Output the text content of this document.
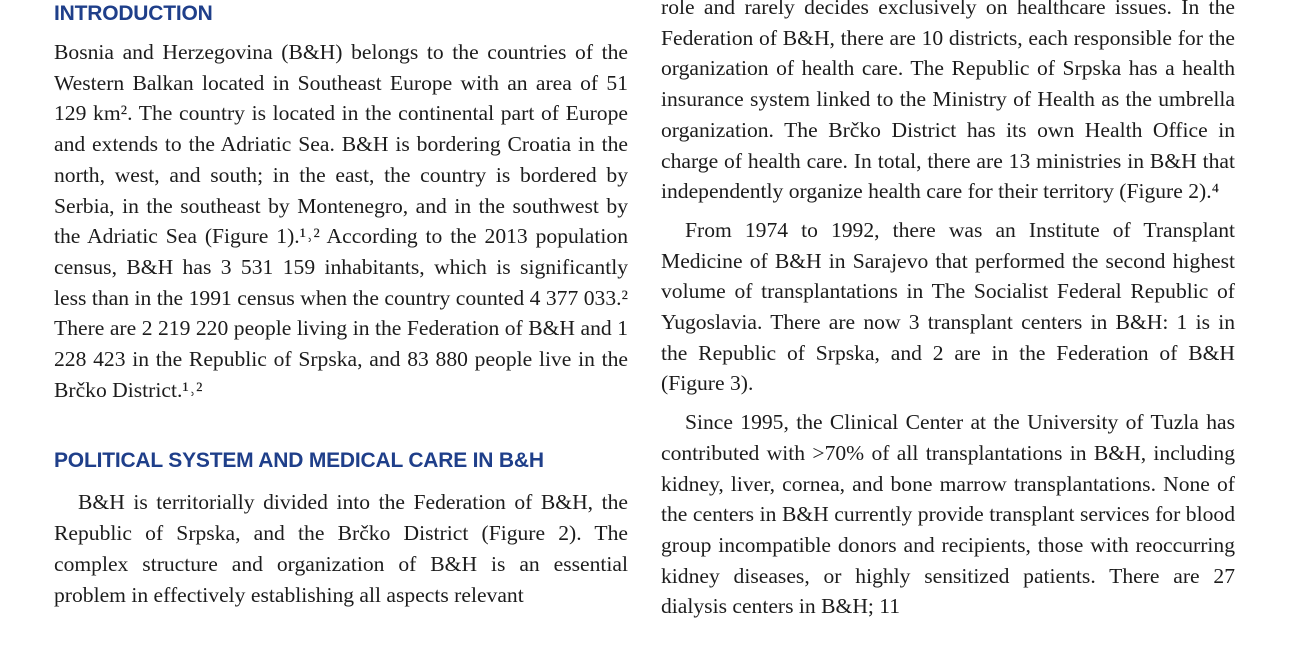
INTRODUCTION

Bosnia and Herzegovina (B&H) belongs to the countries of the Western Balkan located in Southeast Europe with an area of 51 129 km². The country is located in the continental part of Europe and extends to the Adriatic Sea. B&H is bordering Croatia in the north, west, and south; in the east, the country is bordered by Serbia, in the southeast by Montenegro, and in the southwest by the Adriatic Sea (Figure 1).¹˒² According to the 2013 population census, B&H has 3 531 159 inhabitants, which is significantly less than in the 1991 census when the country counted 4 377 033.² There are 2 219 220 people living in the Federation of B&H and 1 228 423 in the Republic of Srpska, and 83 880 people live in the Brčko District.¹˒²

POLITICAL SYSTEM AND MEDICAL CARE IN B&H

B&H is territorially divided into the Federation of B&H, the Republic of Srpska, and the Brčko District (Figure 2). The complex structure and organization of B&H is an essential problem in effectively establishing all aspects relevant

role and rarely decides exclusively on healthcare issues. In the Federation of B&H, there are 10 districts, each responsible for the organization of health care. The Republic of Srpska has a health insurance system linked to the Ministry of Health as the umbrella organization. The Brčko District has its own Health Office in charge of health care. In total, there are 13 ministries in B&H that independently organize health care for their territory (Figure 2).⁴

From 1974 to 1992, there was an Institute of Transplant Medicine of B&H in Sarajevo that performed the second highest volume of transplantations in The Socialist Federal Republic of Yugoslavia. There are now 3 transplant centers in B&H: 1 is in the Republic of Srpska, and 2 are in the Federation of B&H (Figure 3).

Since 1995, the Clinical Center at the University of Tuzla has contributed with >70% of all transplantations in B&H, including kidney, liver, cornea, and bone marrow transplantations. None of the centers in B&H currently provide transplant services for blood group incompatible donors and recipients, those with reoccurring kidney diseases, or highly sensitized patients. There are 27 dialysis centers in B&H; 11
